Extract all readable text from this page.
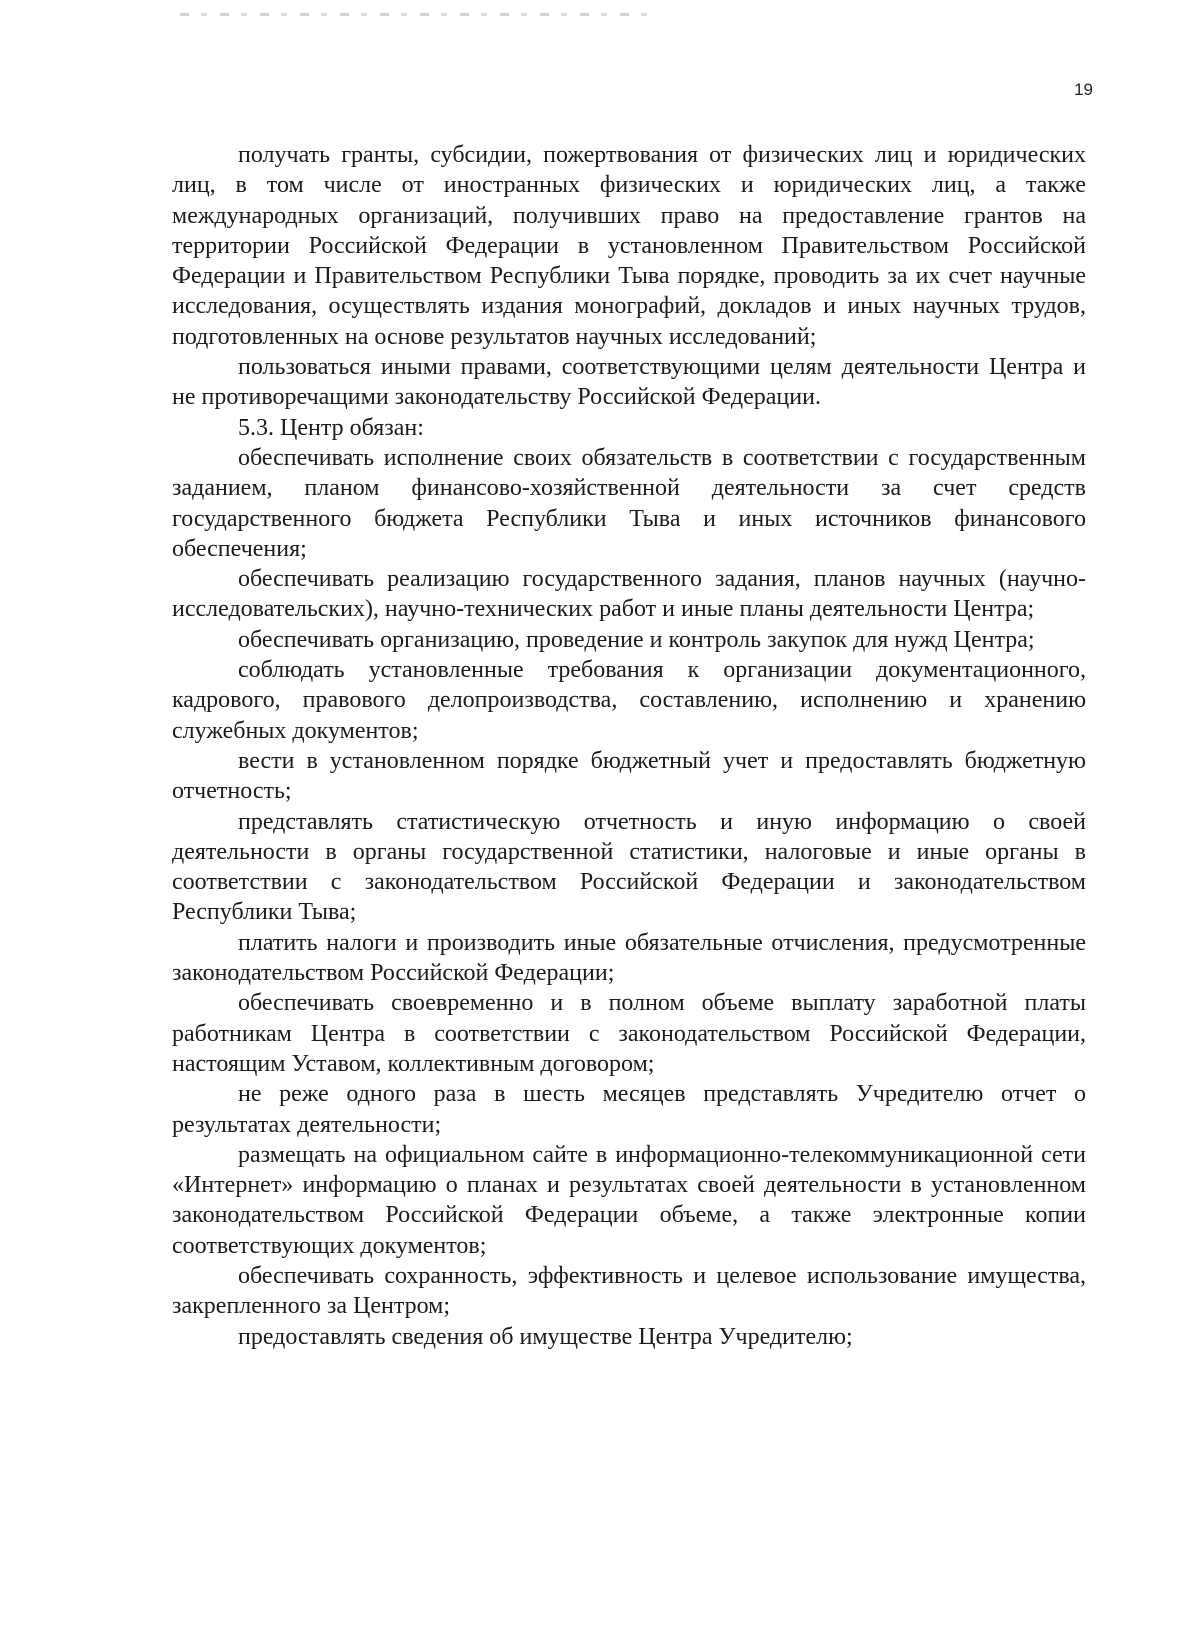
19

получать гранты, субсидии, пожертвования от физических лиц и юридических лиц, в том числе от иностранных физических и юридических лиц, а также международных организаций, получивших право на предоставление грантов на территории Российской Федерации в установленном Правительством Российской Федерации и Правительством Республики Тыва порядке, проводить за их счет научные исследования, осуществлять издания монографий, докладов и иных научных трудов, подготовленных на основе результатов научных исследований;

пользоваться иными правами, соответствующими целям деятельности Центра и не противоречащими законодательству Российской Федерации.

5.3. Центр обязан:

обеспечивать исполнение своих обязательств в соответствии с государственным заданием, планом финансово-хозяйственной деятельности за счет средств государственного бюджета Республики Тыва и иных источников финансового обеспечения;

обеспечивать реализацию государственного задания, планов научных (научно-исследовательских), научно-технических работ и иные планы деятельности Центра;

обеспечивать организацию, проведение и контроль закупок для нужд Центра;

соблюдать установленные требования к организации документационного, кадрового, правового делопроизводства, составлению, исполнению и хранению служебных документов;

вести в установленном порядке бюджетный учет и предоставлять бюджетную отчетность;

представлять статистическую отчетность и иную информацию о своей деятельности в органы государственной статистики, налоговые и иные органы в соответствии с законодательством Российской Федерации и законодательством Республики Тыва;

платить налоги и производить иные обязательные отчисления, предусмотренные законодательством Российской Федерации;

обеспечивать своевременно и в полном объеме выплату заработной платы работникам Центра в соответствии с законодательством Российской Федерации, настоящим Уставом, коллективным договором;

не реже одного раза в шесть месяцев представлять Учредителю отчет о результатах деятельности;

размещать на официальном сайте в информационно-телекоммуникационной сети «Интернет» информацию о планах и результатах своей деятельности в установленном законодательством Российской Федерации объеме, а также электронные копии соответствующих документов;

обеспечивать сохранность, эффективность и целевое использование имущества, закрепленного за Центром;

предоставлять сведения об имуществе Центра Учредителю;
